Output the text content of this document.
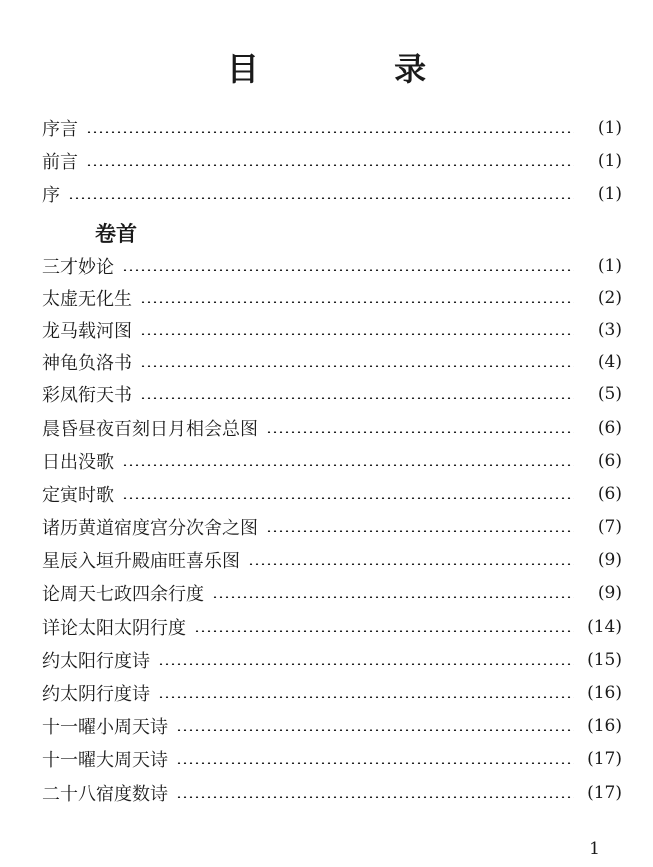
目 录
序言	(1)
前言	(1)
序	(1)
卷首
三才妙论	(1)
太虚无化生	(2)
龙马载河图	(3)
神龟负洛书	(4)
彩凤衔天书	(5)
晨昏昼夜百刻日月相会总图	(6)
日出没歌	(6)
定寅时歌	(6)
诸历黄道宿度宫分次舍之图	(7)
星辰入垣升殿庙旺喜乐图	(9)
论周天七政四余行度	(9)
详论太阳太阴行度	(14)
约太阳行度诗	(15)
约太阴行度诗	(16)
十一曜小周天诗	(16)
十一曜大周天诗	(17)
二十八宿度数诗	(17)
1
